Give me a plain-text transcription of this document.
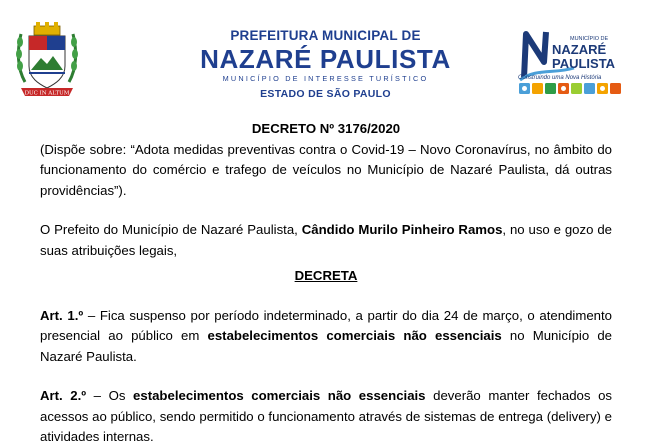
DUC IN ALTUM
PREFEITURA MUNICIPAL DE
NAZARÉ PAULISTA
MUNICÍPIO DE INTERESSE TURÍSTICO
ESTADO DE SÃO PAULO
MUNICÍPIO DE
NAZARÉ
PAULISTA
Construindo uma Nova História

DECRETO Nº 3176/2020

(Dispõe sobre: “Adota medidas preventivas contra o Covid-19 – Novo Coronavírus, no âmbito do funcionamento do comércio e trafego de veículos no Município de Nazaré Paulista, dá outras providências”).

O Prefeito do Município de Nazaré Paulista, Cândido Murilo Pinheiro Ramos, no uso e gozo de suas atribuições legais,

DECRETA

Art. 1.º – Fica suspenso por período indeterminado, a partir do dia 24 de março, o atendimento presencial ao público em estabelecimentos comerciais não essenciais no Município de Nazaré Paulista.

Art. 2.º – Os estabelecimentos comerciais não essenciais deverão manter fechados os acessos ao público, sendo permitido o funcionamento através de sistemas de entrega (delivery) e atividades internas.
